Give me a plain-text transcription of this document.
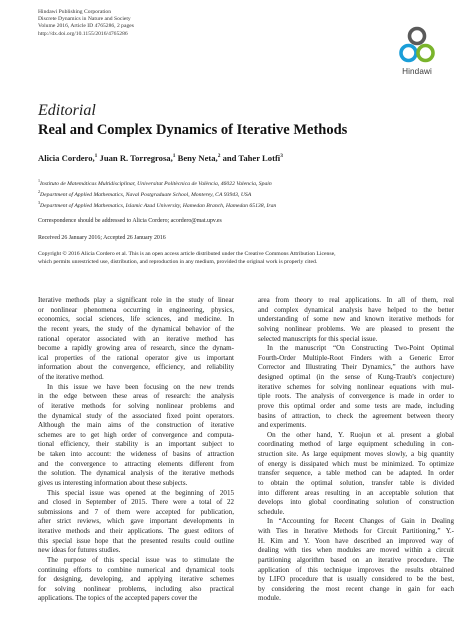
Hindawi Publishing Corporation
Discrete Dynamics in Nature and Society
Volume 2016, Article ID 4765286, 2 pages
http://dx.doi.org/10.1155/2016/4765286
Hindawi
Editorial
Real and Complex Dynamics of Iterative Methods
Alicia Cordero,$^1$ Juan R. Torregrosa,$^1$ Beny Neta,$^2$ and Taher Lotfi$^3$
$^1$Instituto de Matemáticas Multidisciplinar, Universitat Politècnica de València, 46022 Valencia, Spain
$^2$Department of Applied Mathematics, Naval Postgraduate School, Monterey, CA 93943, USA
$^3$Department of Applied Mathematics, Islamic Azad University, Hamedan Branch, Hamedan 65138, Iran
Correspondence should be addressed to Alicia Cordero; acordero@mat.upv.es
Received 26 January 2016; Accepted 26 January 2016
Copyright © 2016 Alicia Cordero et al. This is an open access article distributed under the Creative Commons Attribution License,
which permits unrestricted use, distribution, and reproduction in any medium, provided the original work is properly cited.
Iterative methods play a significant role in the study of linear
or nonlinear phenomena occurring in engineering, physics,
economics, social sciences, life sciences, and medicine. In
the recent years, the study of the dynamical behavior of the
rational operator associated with an iterative method has
become a rapidly growing area of research, since the dynam-
ical properties of the rational operator give us important
information about the convergence, efficiency, and reliability
of the iterative method.
In this issue we have been focusing on the new trends
in the edge between these areas of research: the analysis
of iterative methods for solving nonlinear problems and
the dynamical study of the associated fixed point operators.
Although the main aims of the construction of iterative
schemes are to get high order of convergence and computa-
tional efficiency, their stability is an important subject to
be taken into account: the wideness of basins of attraction
and the convergence to attracting elements different from
the solution. The dynamical analysis of the iterative methods
gives us interesting information about these subjects.
This special issue was opened at the beginning of 2015
and closed in September of 2015. There were a total of 22
submissions and 7 of them were accepted for publication,
after strict reviews, which gave important developments in
iterative methods and their applications. The guest editors of
this special issue hope that the presented results could outline
new ideas for futures studies.
The purpose of this special issue was to stimulate the
continuing efforts to combine numerical and dynamical tools
for designing, developing, and applying iterative schemes
for solving nonlinear problems, including also practical
applications. The topics of the accepted papers cover the
area from theory to real applications. In all of them, real
and complex dynamical analysis have helped to the better
understanding of some new and known iterative methods for
solving nonlinear problems. We are pleased to present the
selected manuscripts for this special issue.
In the manuscript “On Constructing Two-Point Optimal
Fourth-Order Multiple-Root Finders with a Generic Error
Corrector and Illustrating Their Dynamics,” the authors have
designed optimal (in the sense of Kung-Traub's conjecture)
iterative schemes for solving nonlinear equations with mul-
tiple roots. The analysis of convergence is made in order to
prove this optimal order and some tests are made, including
basins of attraction, to check the agreement between theory
and experiments.
On the other hand, Y. Ruojun et al. present a global
coordinating method of large equipment scheduling in con-
struction site. As large equipment moves slowly, a big quantity
of energy is dissipated which must be minimized. To optimize
transfer sequence, a table method can be adapted. In order
to obtain the optimal solution, transfer table is divided
into different areas resulting in an acceptable solution that
develops into global coordinating solution of construction
schedule.
In “Accounting for Recent Changes of Gain in Dealing
with Ties in Iterative Methods for Circuit Partitioning,” Y.-
H. Kim and Y. Yoon have described an improved way of
dealing with ties when modules are moved within a circuit
partitioning algorithm based on an iterative procedure. The
application of this technique improves the results obtained
by LIFO procedure that is usually considered to be the best,
by considering the most recent change in gain for each
module.
